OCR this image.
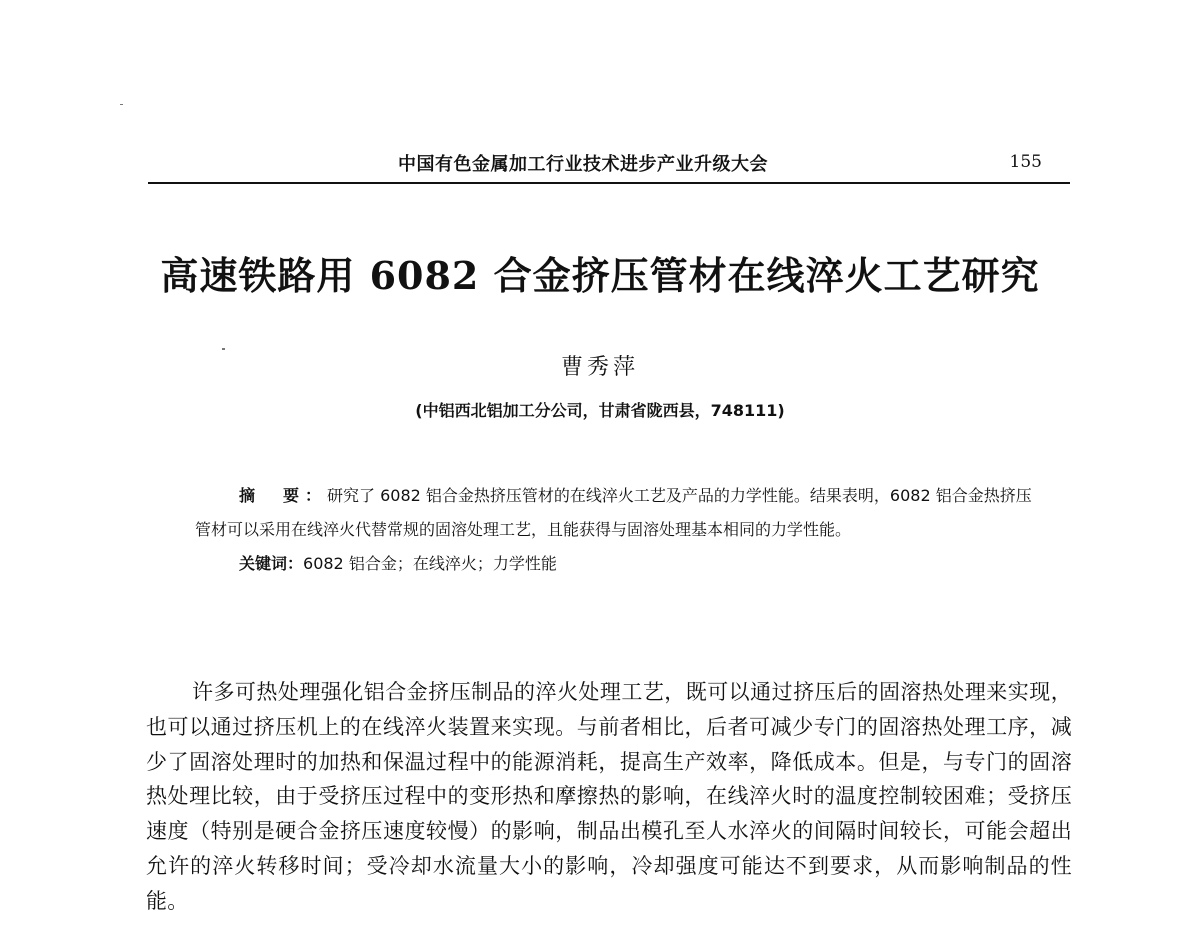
中国有色金属加工行业技术进步产业升级大会	155
高速铁路用 6082 合金挤压管材在线淬火工艺研究
曹秀萍
(中铝西北铝加工分公司，甘肃省陇西县，748111)

摘　要：研究了 6082 铝合金热挤压管材的在线淬火工艺及产品的力学性能。结果表明，6082 铝合金热挤压管材可以采用在线淬火代替常规的固溶处理工艺，且能获得与固溶处理基本相同的力学性能。

关键词：6082 铝合金；在线淬火；力学性能

许多可热处理强化铝合金挤压制品的淬火处理工艺，既可以通过挤压后的固溶热处理来实现，也可以通过挤压机上的在线淬火装置来实现。与前者相比，后者可减少专门的固溶热处理工序，减少了固溶处理时的加热和保温过程中的能源消耗，提高生产效率，降低成本。但是，与专门的固溶热处理比较，由于受挤压过程中的变形热和摩擦热的影响，在线淬火时的温度控制较困难；受挤压速度（特别是硬合金挤压速度较慢）的影响，制品出模孔至人水淬火的间隔时间较长，可能会超出允许的淬火转移时间；受冷却水流量大小的影响，冷却强度可能达不到要求，从而影响制品的性能。
